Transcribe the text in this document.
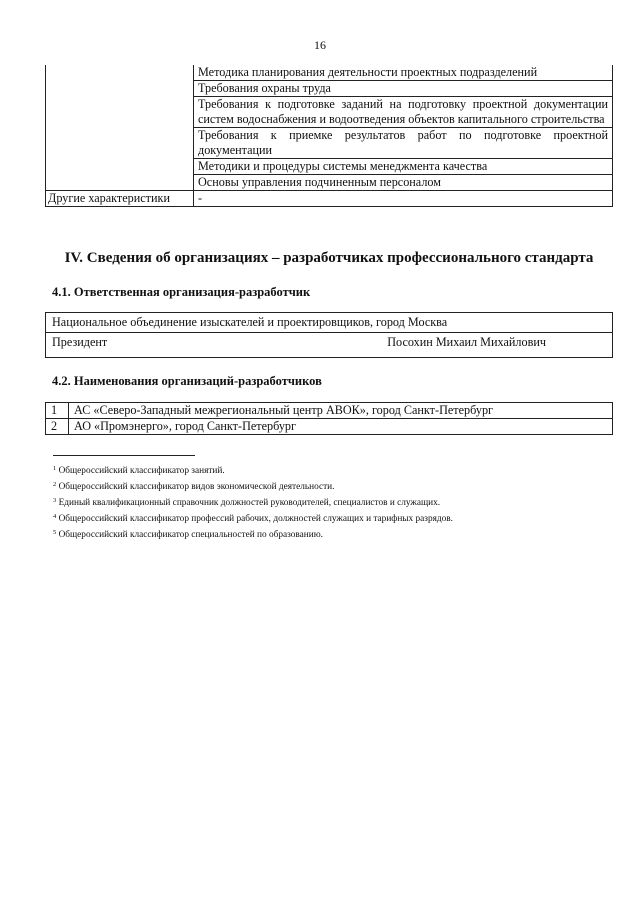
16
	Методика планирования деятельности проектных подразделений
	Требования охраны труда
	Требования к подготовке заданий на подготовку проектной документации систем водоснабжения и водоотведения объектов капитального строительства
	Требования к приемке результатов работ по подготовке проектной документации
	Методики и процедуры системы менеджмента качества
	Основы управления подчиненным персоналом
Другие характеристики	-
IV. Сведения об организациях – разработчиках профессионального стандарта
4.1. Ответственная организация-разработчик
Национальное объединение изыскателей и проектировщиков, город Москва
Президент	Посохин Михаил Михайлович
4.2. Наименования организаций-разработчиков
1	АС «Северо-Западный межрегиональный центр АВОК», город Санкт-Петербург
2	АО «Промэнерго», город Санкт-Петербург
$^1$ Общероссийский классификатор занятий.
$^2$ Общероссийский классификатор видов экономической деятельности.
$^3$ Единый квалификационный справочник должностей руководителей, специалистов и служащих.
$^4$ Общероссийский классификатор профессий рабочих, должностей служащих и тарифных разрядов.
$^5$ Общероссийский классификатор специальностей по образованию.
